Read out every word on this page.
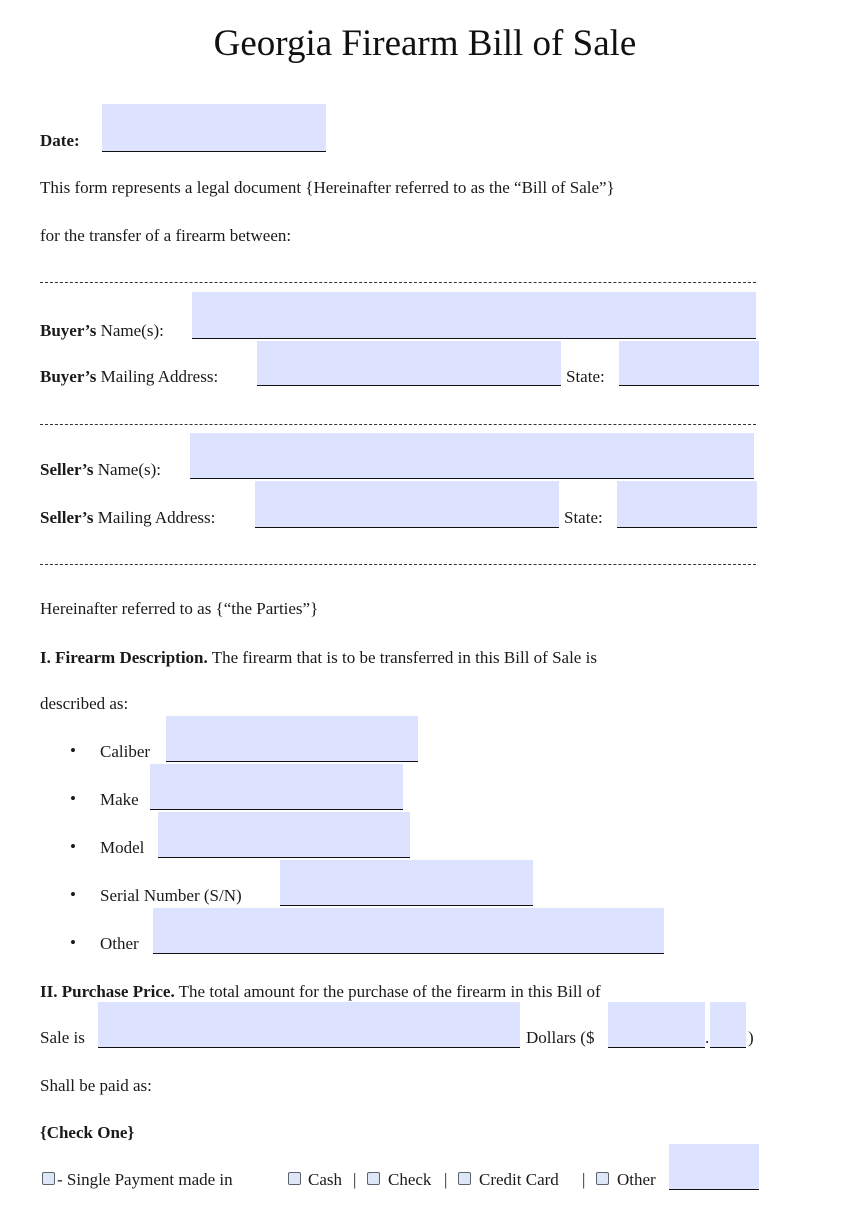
Georgia Firearm Bill of Sale
Date:
This form represents a legal document {Hereinafter referred to as the “Bill of Sale”}
for the transfer of a firearm between:
Buyer’s Name(s):
Buyer’s Mailing Address:	State:
Seller’s Name(s):
Seller’s Mailing Address:	State:
Hereinafter referred to as {“the Parties”}
I. Firearm Description. The firearm that is to be transferred in this Bill of Sale is
described as:
• Caliber
• Make
• Model
• Serial Number (S/N)
• Other
II. Purchase Price. The total amount for the purchase of the firearm in this Bill of
Sale is	Dollars ($	. )
Shall be paid as:
{Check One}
- Single Payment made in	Cash | Check | Credit Card | Other
